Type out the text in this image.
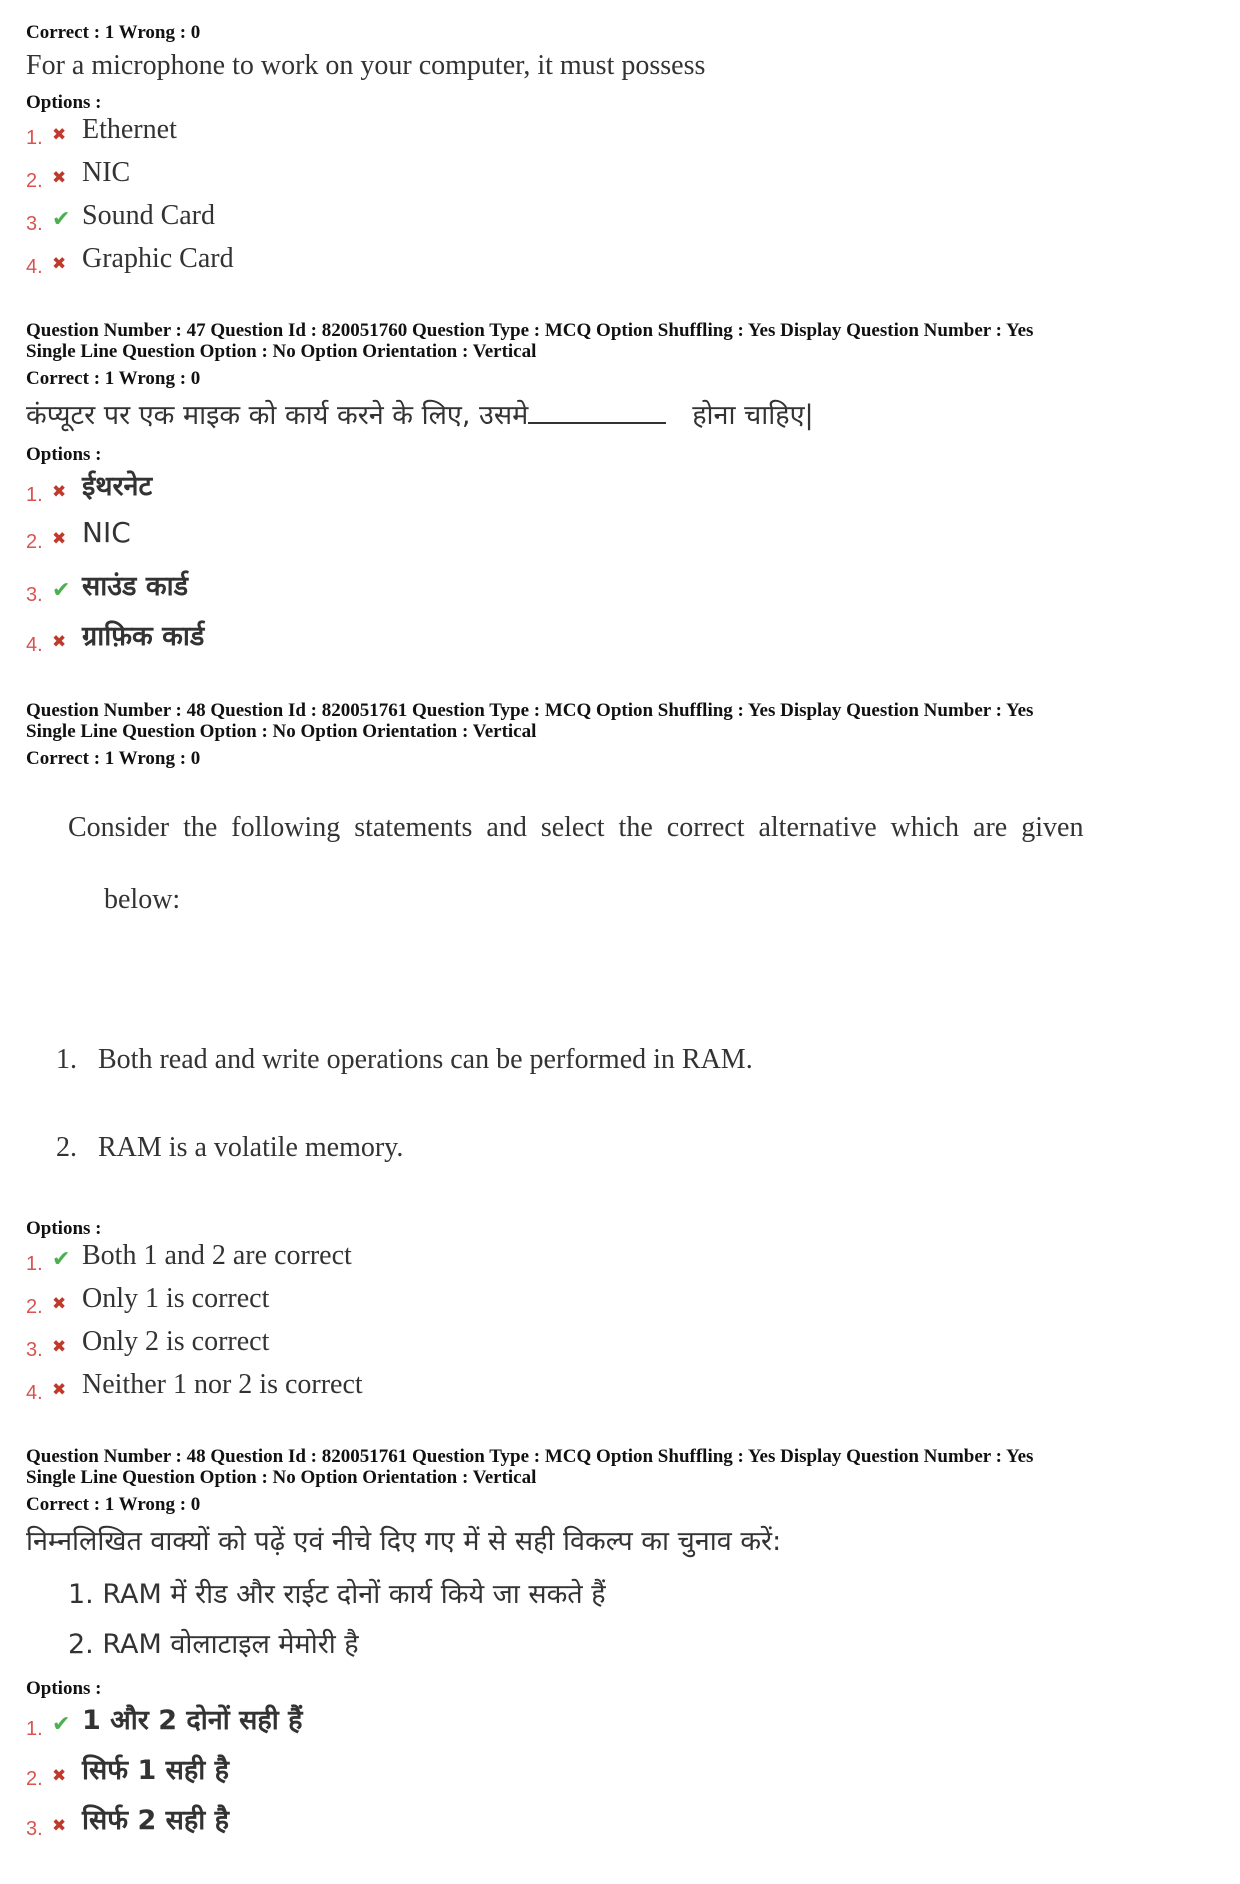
Correct : 1 Wrong : 0
For a microphone to work on your computer, it must possess
Options :
1. ✖ Ethernet
2. ✖ NIC
3. ✔ Sound Card
4. ✖ Graphic Card
Question Number : 47 Question Id : 820051760 Question Type : MCQ Option Shuffling : Yes Display Question Number : Yes
Single Line Question Option : No Option Orientation : Vertical
Correct : 1 Wrong : 0
कंप्यूटर पर एक माइक को कार्य करने के लिए, उसमे	होना चाहिए|
Options :
1. ✖ ईथरनेट
2. ✖ NIC
3. ✔ साउंड कार्ड
4. ✖ ग्राफ़िक कार्ड
Question Number : 48 Question Id : 820051761 Question Type : MCQ Option Shuffling : Yes Display Question Number : Yes
Single Line Question Option : No Option Orientation : Vertical
Correct : 1 Wrong : 0

Consider  the  following  statements  and  select  the  correct  alternative  which  are  given

below:

1.   Both read and write operations can be performed in RAM.

2.   RAM is a volatile memory.

Options :
1. ✔ Both 1 and 2 are correct
2. ✖ Only 1 is correct
3. ✖ Only 2 is correct
4. ✖ Neither 1 nor 2 is correct
Question Number : 48 Question Id : 820051761 Question Type : MCQ Option Shuffling : Yes Display Question Number : Yes
Single Line Question Option : No Option Orientation : Vertical
Correct : 1 Wrong : 0
निम्नलिखित वाक्यों को पढ़ें एवं नीचे दिए गए में से सही विकल्प का चुनाव करें:
1. RAM में रीड और राईट दोनों कार्य किये जा सकते हैं
2. RAM वोलाटाइल मेमोरी है
Options :
1. ✔ 1 और 2 दोनों सही हैं
2. ✖ सिर्फ 1 सही है
3. ✖ सिर्फ 2 सही है
